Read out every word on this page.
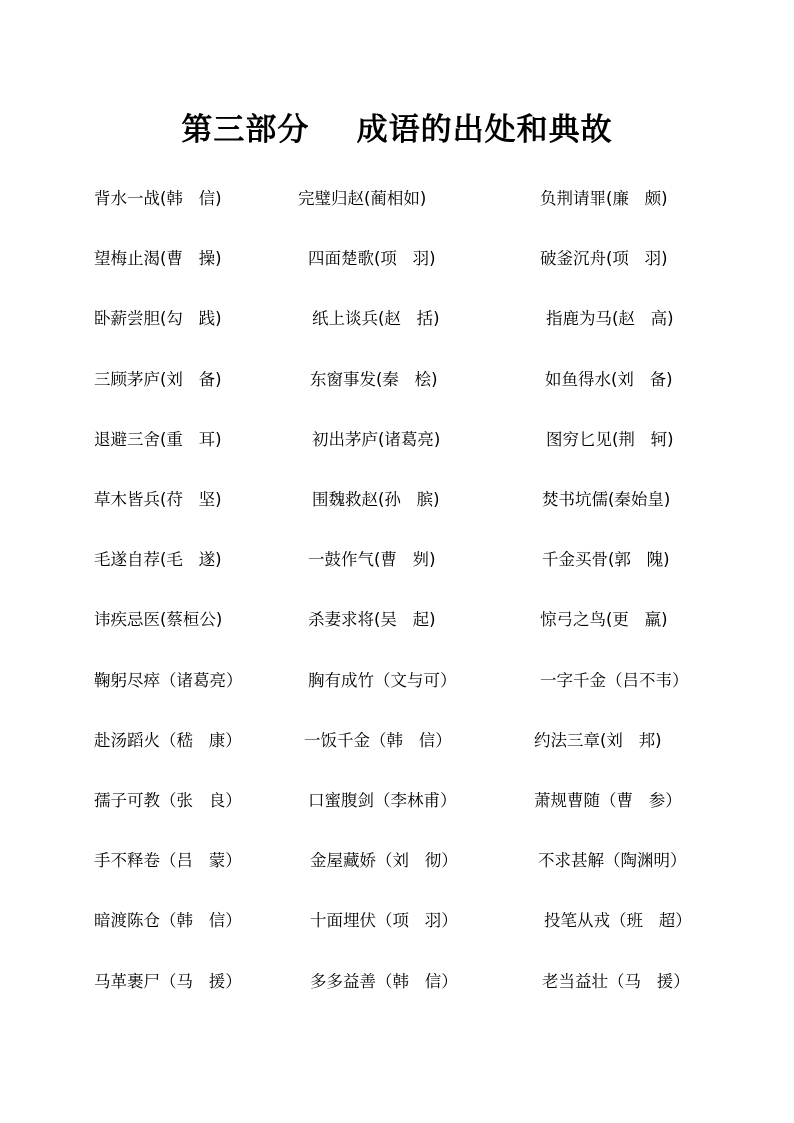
第三部分    成语的出处和典故
背水一战(韩   信)	完璧归赵(蔺相如)	负荆请罪(廉   颇)
望梅止渴(曹   操)	四面楚歌(项   羽)	破釜沉舟(项   羽)
卧薪尝胆(勾   践)	纸上谈兵(赵   括)	指鹿为马(赵   高)
三顾茅庐(刘   备)	东窗事发(秦   桧)	如鱼得水(刘   备)
退避三舍(重   耳)	初出茅庐(诸葛亮)	图穷匕见(荆   轲)
草木皆兵(苻   坚)	围魏救赵(孙   膑)	焚书坑儒(秦始皇)
毛遂自荐(毛   遂)	一鼓作气(曹   刿)	千金买骨(郭   隗)
讳疾忌医(蔡桓公)	杀妻求将(吴   起)	惊弓之鸟(更   羸)
鞠躬尽瘁（诸葛亮）	胸有成竹（文与可）	一字千金（吕不韦）
赴汤蹈火（嵇   康）	一饭千金（韩   信）	约法三章(刘   邦)
孺子可教（张   良）	口蜜腹剑（李林甫）	萧规曹随（曹   参）
手不释卷（吕   蒙）	金屋藏娇（刘   彻）	不求甚解（陶渊明）
暗渡陈仓（韩   信）	十面埋伏（项   羽）	投笔从戎（班   超）
马革裹尸（马   援）	多多益善（韩   信）	老当益壮（马   援）
